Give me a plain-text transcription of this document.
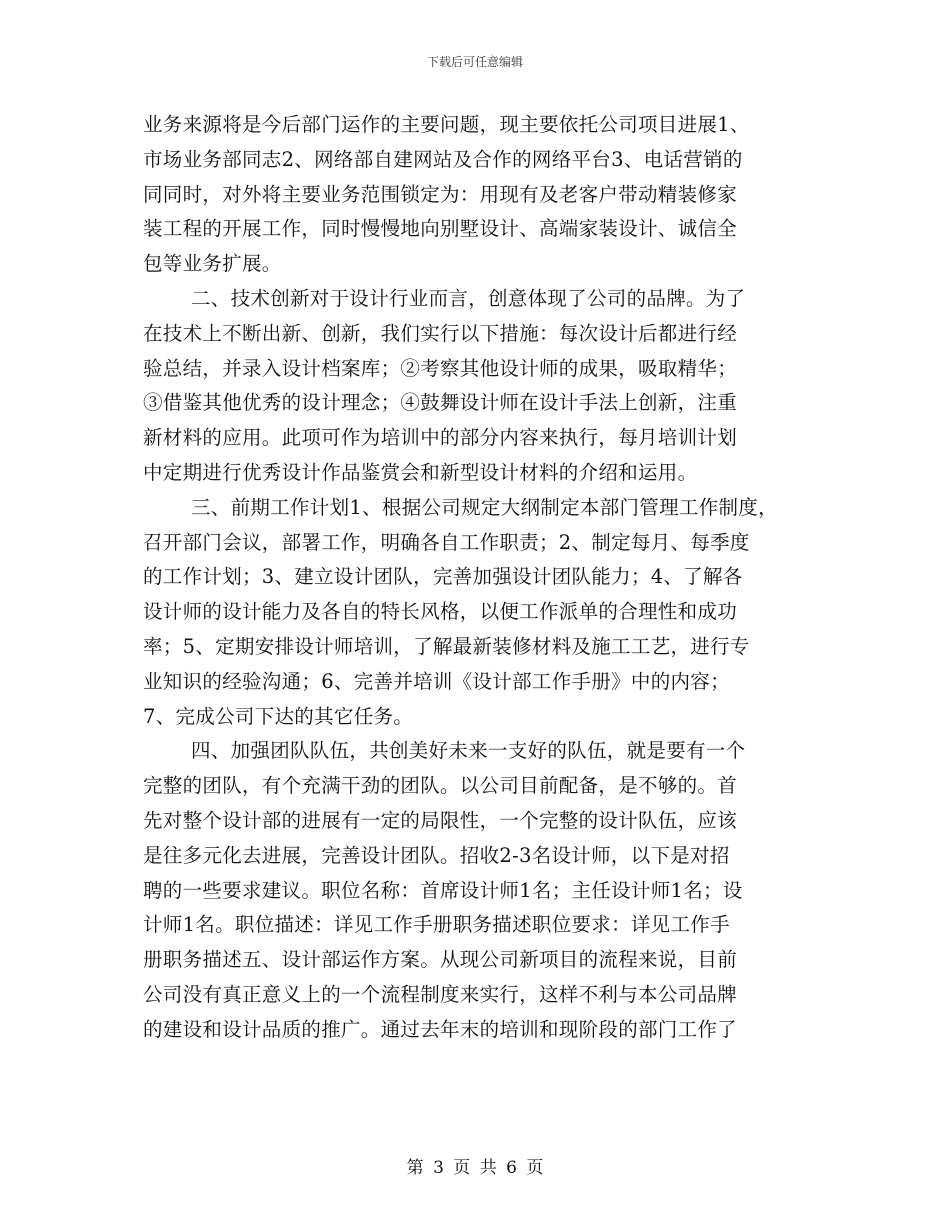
下载后可任意编辑
业务来源将是今后部门运作的主要问题，现主要依托公司项目进展1、
市场业务部同志2、网络部自建网站及合作的网络平台3、电话营销的
同同时，对外将主要业务范围锁定为：用现有及老客户带动精装修家
装工程的开展工作，同时慢慢地向别墅设计、高端家装设计、诚信全
包等业务扩展。
二、技术创新对于设计行业而言，创意体现了公司的品牌。为了
在技术上不断出新、创新，我们实行以下措施：每次设计后都进行经
验总结，并录入设计档案库；②考察其他设计师的成果，吸取精华；
③借鉴其他优秀的设计理念；④鼓舞设计师在设计手法上创新，注重
新材料的应用。此项可作为培训中的部分内容来执行，每月培训计划
中定期进行优秀设计作品鉴赏会和新型设计材料的介绍和运用。
三、前期工作计划1、根据公司规定大纲制定本部门管理工作制度，
召开部门会议，部署工作，明确各自工作职责；2、制定每月、每季度
的工作计划；3、建立设计团队，完善加强设计团队能力；4、了解各
设计师的设计能力及各自的特长风格，以便工作派单的合理性和成功
率；5、定期安排设计师培训，了解最新装修材料及施工工艺，进行专
业知识的经验沟通；6、完善并培训《设计部工作手册》中的内容；
7、完成公司下达的其它任务。
四、加强团队队伍，共创美好未来一支好的队伍，就是要有一个
完整的团队，有个充满干劲的团队。以公司目前配备，是不够的。首
先对整个设计部的进展有一定的局限性，一个完整的设计队伍，应该
是往多元化去进展，完善设计团队。招收2-3名设计师，以下是对招
聘的一些要求建议。职位名称：首席设计师1名；主任设计师1名；设
计师1名。职位描述：详见工作手册职务描述职位要求：详见工作手
册职务描述五、设计部运作方案。从现公司新项目的流程来说，目前
公司没有真正意义上的一个流程制度来实行，这样不利与本公司品牌
的建设和设计品质的推广。通过去年末的培训和现阶段的部门工作了
第 3 页 共 6 页
